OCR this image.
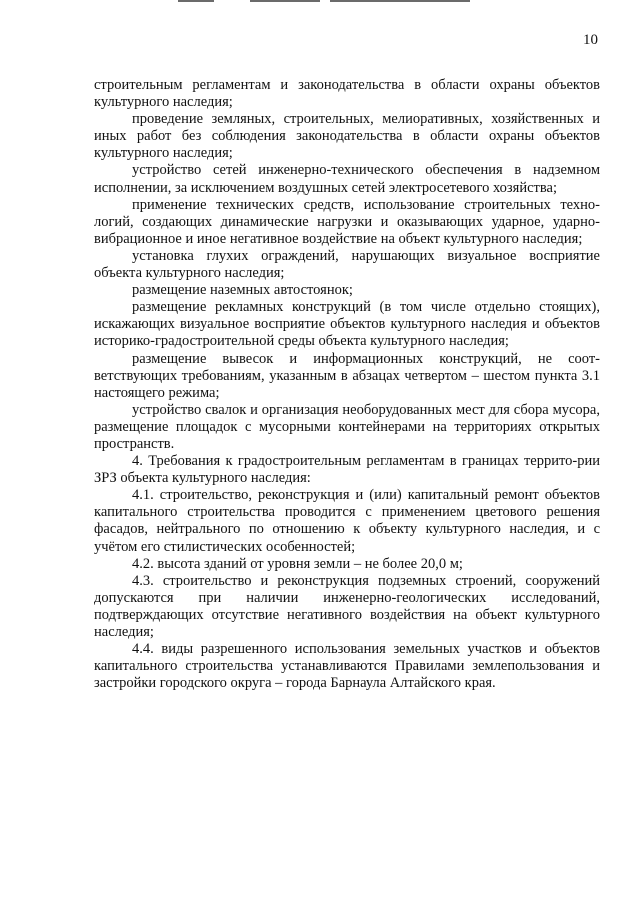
10

строительным регламентам и законодательства в области охраны объектов культурного наследия;

проведение земляных, строительных, мелиоративных, хозяйственных и иных работ без соблюдения законодательства в области охраны объектов культурного наследия;

устройство сетей инженерно-технического обеспечения в надземном исполнении, за исключением воздушных сетей электросетевого хозяйства;

применение технических средств, использование строительных техно-логий, создающих динамические нагрузки и оказывающих ударное, ударно-вибрационное и иное негативное воздействие на объект культурного наследия;

установка глухих ограждений, нарушающих визуальное восприятие объекта культурного наследия;

размещение наземных автостоянок;

размещение рекламных конструкций (в том числе отдельно стоящих), искажающих визуальное восприятие объектов культурного наследия и объектов историко-градостроительной среды объекта культурного наследия;

размещение вывесок и информационных конструкций, не соот-ветствующих требованиям, указанным в абзацах четвертом – шестом пункта 3.1 настоящего режима;

устройство свалок и организация необорудованных мест для сбора мусора, размещение площадок с мусорными контейнерами на территориях открытых пространств.

4. Требования к градостроительным регламентам в границах террито-рии ЗРЗ объекта культурного наследия:

4.1. строительство, реконструкция и (или) капитальный ремонт объектов капитального строительства проводится с применением цветового решения фасадов, нейтрального по отношению к объекту культурного наследия, и с учётом его стилистических особенностей;

4.2. высота зданий от уровня земли – не более 20,0 м;

4.3. строительство и реконструкция подземных строений, сооружений допускаются при наличии инженерно-геологических исследований, подтверждающих отсутствие негативного воздействия на объект культурного наследия;

4.4. виды разрешенного использования земельных участков и объектов капитального строительства устанавливаются Правилами землепользования и застройки городского округа – города Барнаула Алтайского края.
